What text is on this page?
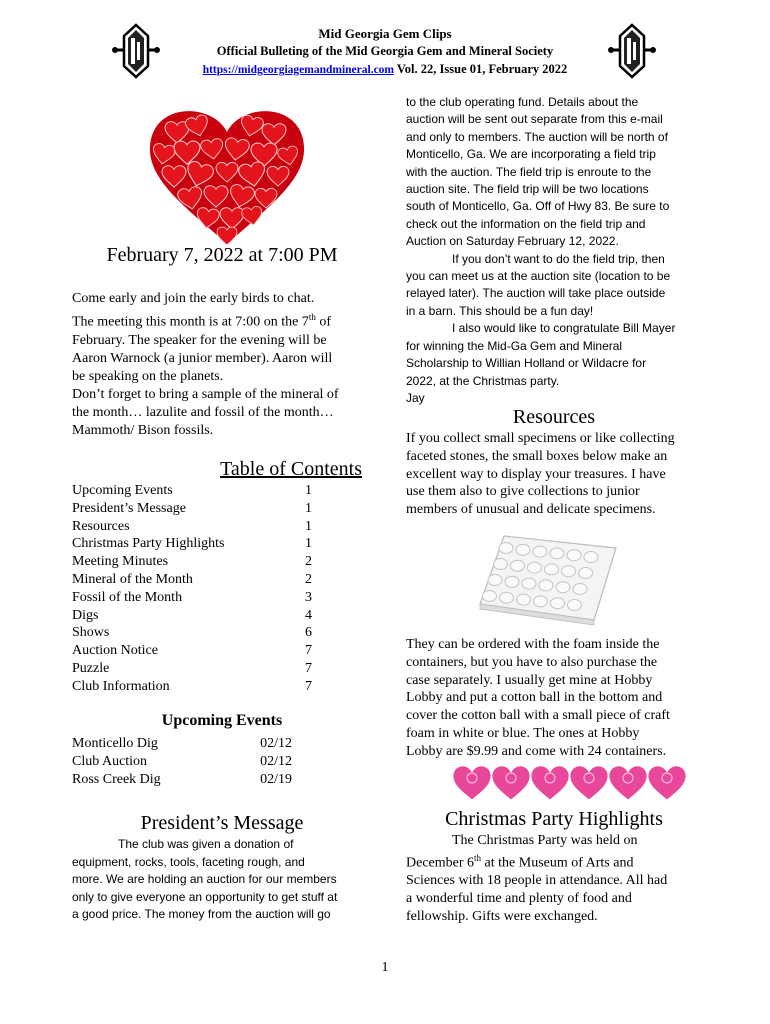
Mid Georgia Gem Clips
Official Bulleting of the Mid Georgia Gem and Mineral Society
https://midgeorgiagemandmineral.com Vol. 22, Issue 01, February 2022
February 7, 2022 at 7:00 PM
Come early and join the early birds to chat.
The meeting this month is at 7:00 on the 7th of
February. The speaker for the evening will be
Aaron Warnock (a junior member). Aaron will
be speaking on the planets.
Don’t forget to bring a sample of the mineral of
the month… lazulite and fossil of the month…
Mammoth/ Bison fossils.
Table of Contents
Upcoming Events	1
President’s Message	1
Resources	1
Christmas Party Highlights	1
Meeting Minutes	2
Mineral of the Month	2
Fossil of the Month	3
Digs	4
Shows	6
Auction Notice	7
Puzzle	7
Club Information	7
Upcoming Events
Monticello Dig	02/12
Club Auction	02/12
Ross Creek Dig	02/19
President’s Message
The club was given a donation of
equipment, rocks, tools, faceting rough, and
more. We are holding an auction for our members
only to give everyone an opportunity to get stuff at
a good price. The money from the auction will go
to the club operating fund. Details about the
auction will be sent out separate from this e-mail
and only to members. The auction will be north of
Monticello, Ga. We are incorporating a field trip
with the auction. The field trip is enroute to the
auction site. The field trip will be two locations
south of Monticello, Ga. Off of Hwy 83. Be sure to
check out the information on the field trip and
Auction on Saturday February 12, 2022.
If you don’t want to do the field trip, then
you can meet us at the auction site (location to be
relayed later). The auction will take place outside
in a barn. This should be a fun day!
I also would like to congratulate Bill Mayer
for winning the Mid-Ga Gem and Mineral
Scholarship to Willian Holland or Wildacre for
2022, at the Christmas party.
Jay
Resources
If you collect small specimens or like collecting
faceted stones, the small boxes below make an
excellent way to display your treasures. I have
use them also to give collections to junior
members of unusual and delicate specimens.
They can be ordered with the foam inside the
containers, but you have to also purchase the
case separately. I usually get mine at Hobby
Lobby and put a cotton ball in the bottom and
cover the cotton ball with a small piece of craft
foam in white or blue. The ones at Hobby
Lobby are $9.99 and come with 24 containers.
Christmas Party Highlights
The Christmas Party was held on
December 6th at the Museum of Arts and
Sciences with 18 people in attendance. All had
a wonderful time and plenty of food and
fellowship. Gifts were exchanged.
1
